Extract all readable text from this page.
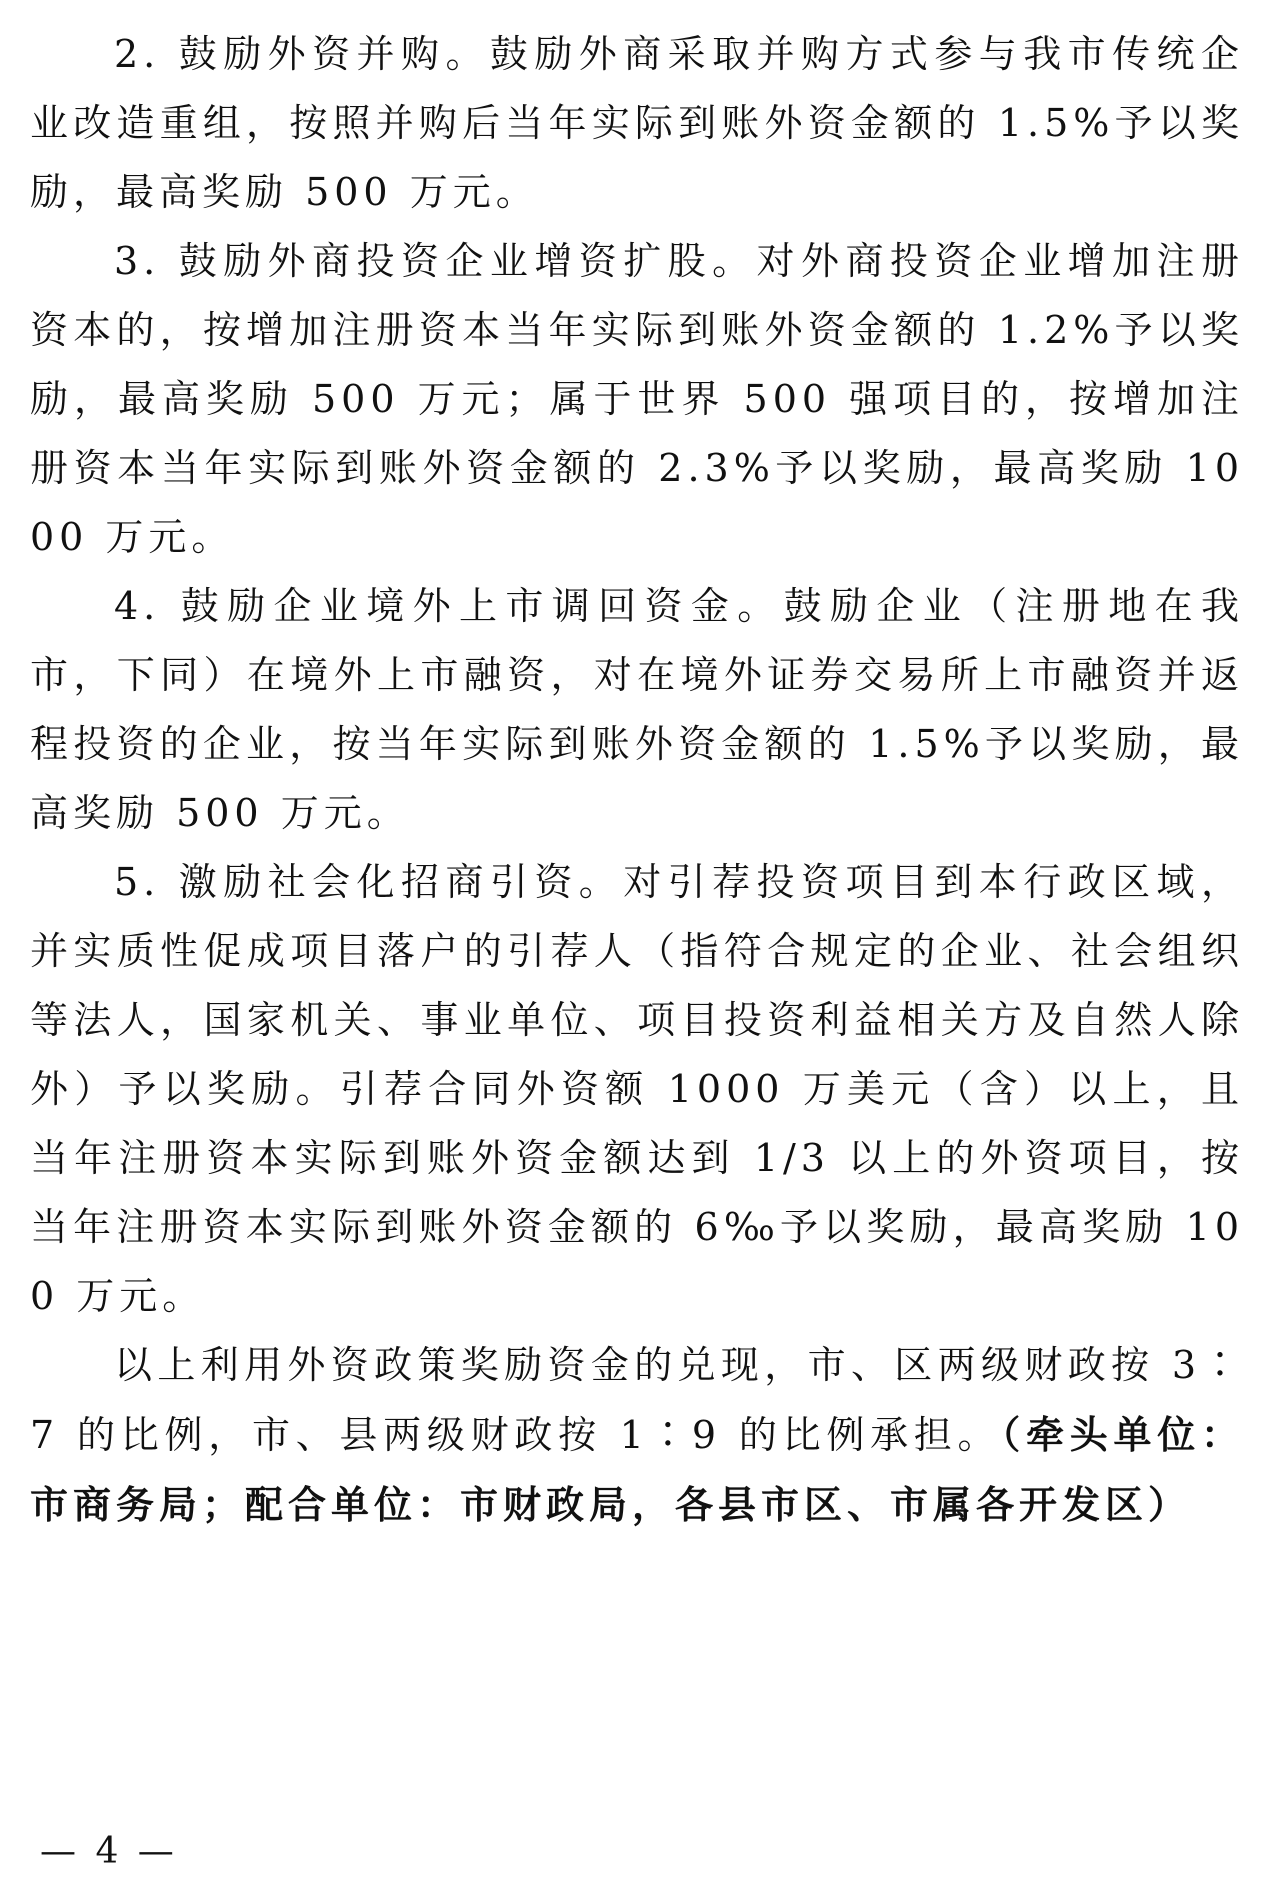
2. 鼓励外资并购。鼓励外商采取并购方式参与我市传统企业改造重组，按照并购后当年实际到账外资金额的 1.5%予以奖励，最高奖励 500 万元。

3. 鼓励外商投资企业增资扩股。对外商投资企业增加注册资本的，按增加注册资本当年实际到账外资金额的 1.2%予以奖励，最高奖励 500 万元；属于世界 500 强项目的，按增加注册资本当年实际到账外资金额的 2.3%予以奖励，最高奖励 1000 万元。

4. 鼓励企业境外上市调回资金。鼓励企业（注册地在我市，下同）在境外上市融资，对在境外证券交易所上市融资并返程投资的企业，按当年实际到账外资金额的 1.5%予以奖励，最高奖励 500 万元。

5. 激励社会化招商引资。对引荐投资项目到本行政区域，并实质性促成项目落户的引荐人（指符合规定的企业、社会组织等法人，国家机关、事业单位、项目投资利益相关方及自然人除外）予以奖励。引荐合同外资额 1000 万美元（含）以上，且当年注册资本实际到账外资金额达到 1/3 以上的外资项目，按当年注册资本实际到账外资金额的 6‰予以奖励，最高奖励 100 万元。

以上利用外资政策奖励资金的兑现，市、区两级财政按 3∶7 的比例，市、县两级财政按 1∶9 的比例承担。（牵头单位：市商务局；配合单位：市财政局，各县市区、市属各开发区）

— 4 —
